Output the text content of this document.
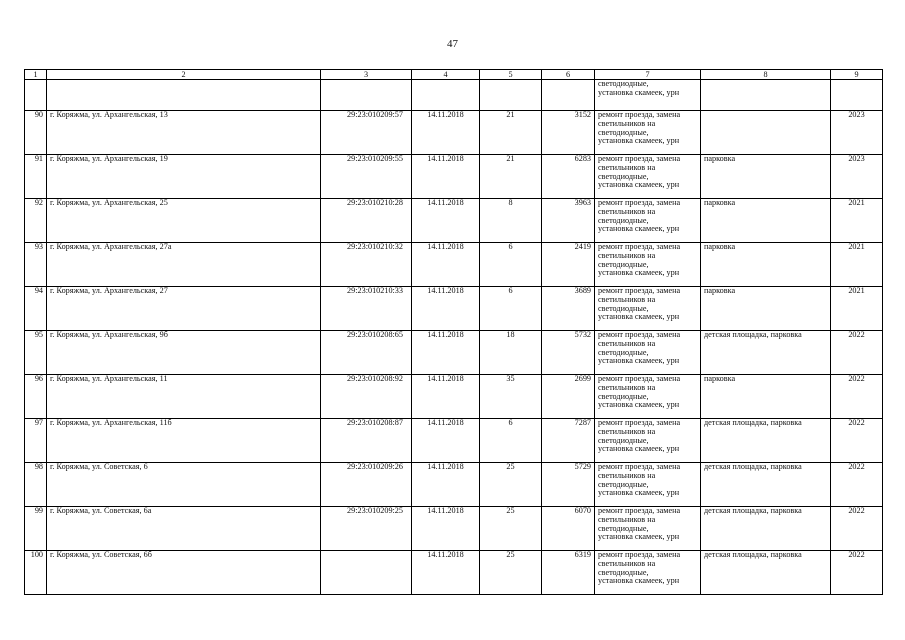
47
1	2	3	4	5	6	7	8	9

						светодиодные,
установка скамеек, урн		

90	г. Коряжма, ул. Архангельская, 13	29:23:010209:57	14.11.2018	21	3152	ремонт проезда, замена
светильников на
светодиодные,
установка скамеек, урн		2023
91	г. Коряжма, ул. Архангельская, 19	29:23:010209:55	14.11.2018	21	6283	ремонт проезда, замена
светильников на
светодиодные,
установка скамеек, урн	парковка	2023
92	г. Коряжма, ул. Архангельская, 25	29:23:010210:28	14.11.2018	8	3963	ремонт проезда, замена
светильников на
светодиодные,
установка скамеек, урн	парковка	2021
93	г. Коряжма, ул. Архангельская, 27а	29:23:010210:32	14.11.2018	6	2419	ремонт проезда, замена
светильников на
светодиодные,
установка скамеек, урн	парковка	2021
94	г. Коряжма, ул. Архангельская, 27	29:23:010210:33	14.11.2018	6	3689	ремонт проезда, замена
светильников на
светодиодные,
установка скамеек, урн	парковка	2021
95	г. Коряжма, ул. Архангельская, 9б	29:23:010208:65	14.11.2018	18	5732	ремонт проезда, замена
светильников на
светодиодные,
установка скамеек, урн	детская площадка, парковка	2022
96	г. Коряжма, ул. Архангельская, 11	29:23:010208:92	14.11.2018	35	2699	ремонт проезда, замена
светильников на
светодиодные,
установка скамеек, урн	парковка	2022
97	г. Коряжма, ул. Архангельская, 11б	29:23:010208:87	14.11.2018	6	7287	ремонт проезда, замена
светильников на
светодиодные,
установка скамеек, урн	детская площадка, парковка	2022
98	г. Коряжма, ул. Советская, 6	29:23:010209:26	14.11.2018	25	5729	ремонт проезда, замена
светильников на
светодиодные,
установка скамеек, урн	детская площадка, парковка	2022
99	г. Коряжма, ул. Советская, 6а	29:23:010209:25	14.11.2018	25	6070	ремонт проезда, замена
светильников на
светодиодные,
установка скамеек, урн	детская площадка, парковка	2022
100	г. Коряжма, ул. Советская, 6б		14.11.2018	25	6319	ремонт проезда, замена
светильников на
светодиодные,
установка скамеек, урн	детская площадка, парковка	2022
